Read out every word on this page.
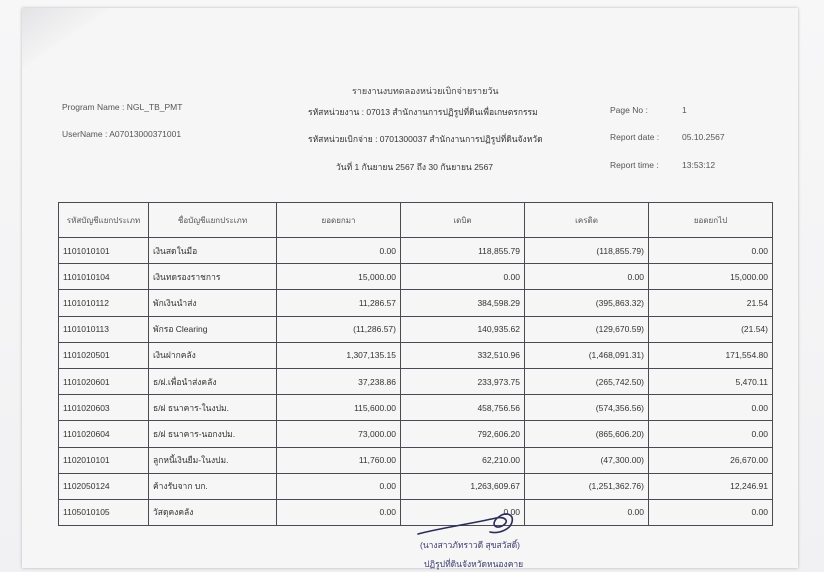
รายงานงบทดลองหน่วยเบิกจ่ายรายวัน
Program Name : NGL_TB_PMT
UserName : A07013000371001
รหัสหน่วยงาน : 07013 สำนักงานการปฏิรูปที่ดินเพื่อเกษตรกรรม
รหัสหน่วยเบิกจ่าย : 0701300037 สำนักงานการปฏิรูปที่ดินจังหวัด
วันที่ 1 กันยายน 2567 ถึง 30 กันยายน 2567
Page No :	1
Report date :	05.10.2567
Report time :	13:53:12
รหัสบัญชีแยกประเภท	ชื่อบัญชีแยกประเภท	ยอดยกมา	เดบิต	เครดิต	ยอดยกไป
1101010101	เงินสดในมือ	0.00	118,855.79	(118,855.79)	0.00
1101010104	เงินทดรองราชการ	15,000.00	0.00	0.00	15,000.00
1101010112	พักเงินนำส่ง	11,286.57	384,598.29	(395,863.32)	21.54
1101010113	พักรอ Clearing	(11,286.57)	140,935.62	(129,670.59)	(21.54)
1101020501	เงินฝากคลัง	1,307,135.15	332,510.96	(1,468,091.31)	171,554.80
1101020601	ธ/ฝ.เพื่อนำส่งคลัง	37,238.86	233,973.75	(265,742.50)	5,470.11
1101020603	ธ/ฝ ธนาคาร-ในงปม.	115,600.00	458,756.56	(574,356.56)	0.00
1101020604	ธ/ฝ ธนาคาร-นอกงปม.	73,000.00	792,606.20	(865,606.20)	0.00
1102010101	ลูกหนี้เงินยืม-ในงปม.	11,760.00	62,210.00	(47,300.00)	26,670.00
1102050124	ค้างรับจาก บก.	0.00	1,263,609.67	(1,251,362.76)	12,246.91
1105010105	วัสดุคงคลัง	0.00	0.00	0.00	0.00
(นางสาวภัทราวดี สุขสวัสดิ์)
ปฏิรูปที่ดินจังหวัดหนองคาย
